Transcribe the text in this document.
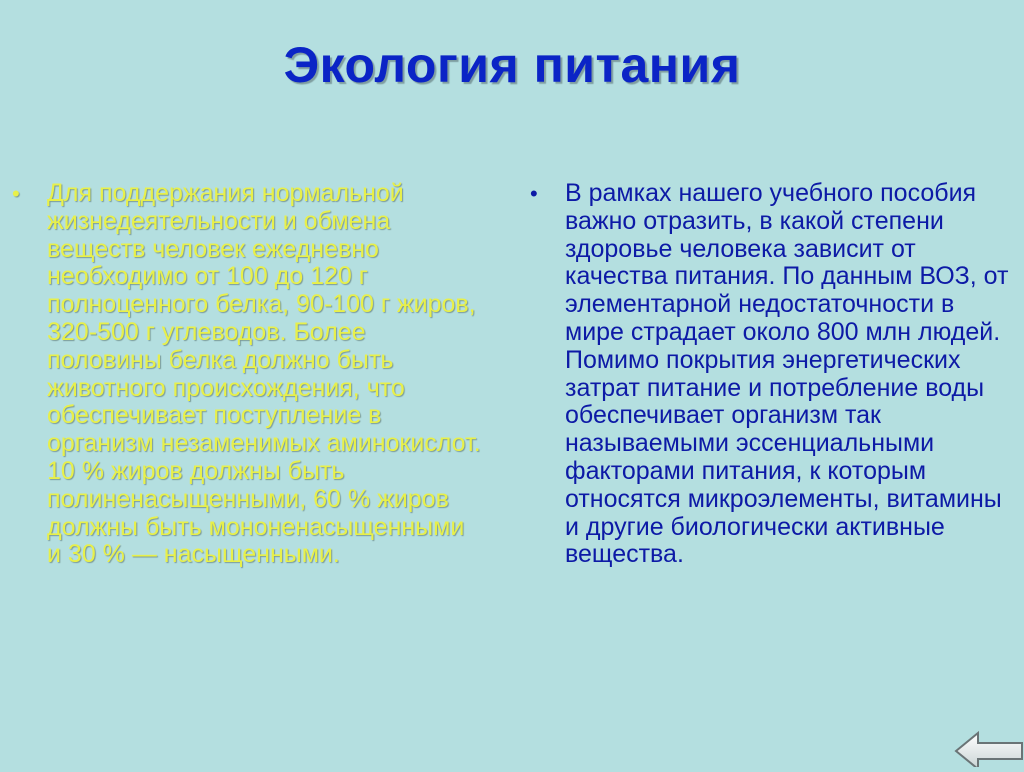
Экология питания
•	Для поддержания нормальной жизнедеятельности и обмена веществ человек ежедневно необходимо от 100 до 120 г полноценного белка, 90-100 г жиров, 320-500 г углеводов. Более половины белка должно быть животного происхождения, что обеспечивает поступление в организм незаменимых аминокислот. 10 % жиров должны быть полиненасыщенными, 60 % жиров должны быть мононенасыщенными и 30 % — насыщенными.
•	В рамках нашего учебного пособия важно отразить, в какой степени здоровье человека зависит от качества питания. По данным ВОЗ, от элементарной недостаточности в мире страдает около 800 млн людей. Помимо покрытия энергетических затрат питание и потребление воды обеспечивает организм так называемыми эссенциальными факторами питания, к которым относятся микроэлементы, витамины и другие биологически активные вещества.
